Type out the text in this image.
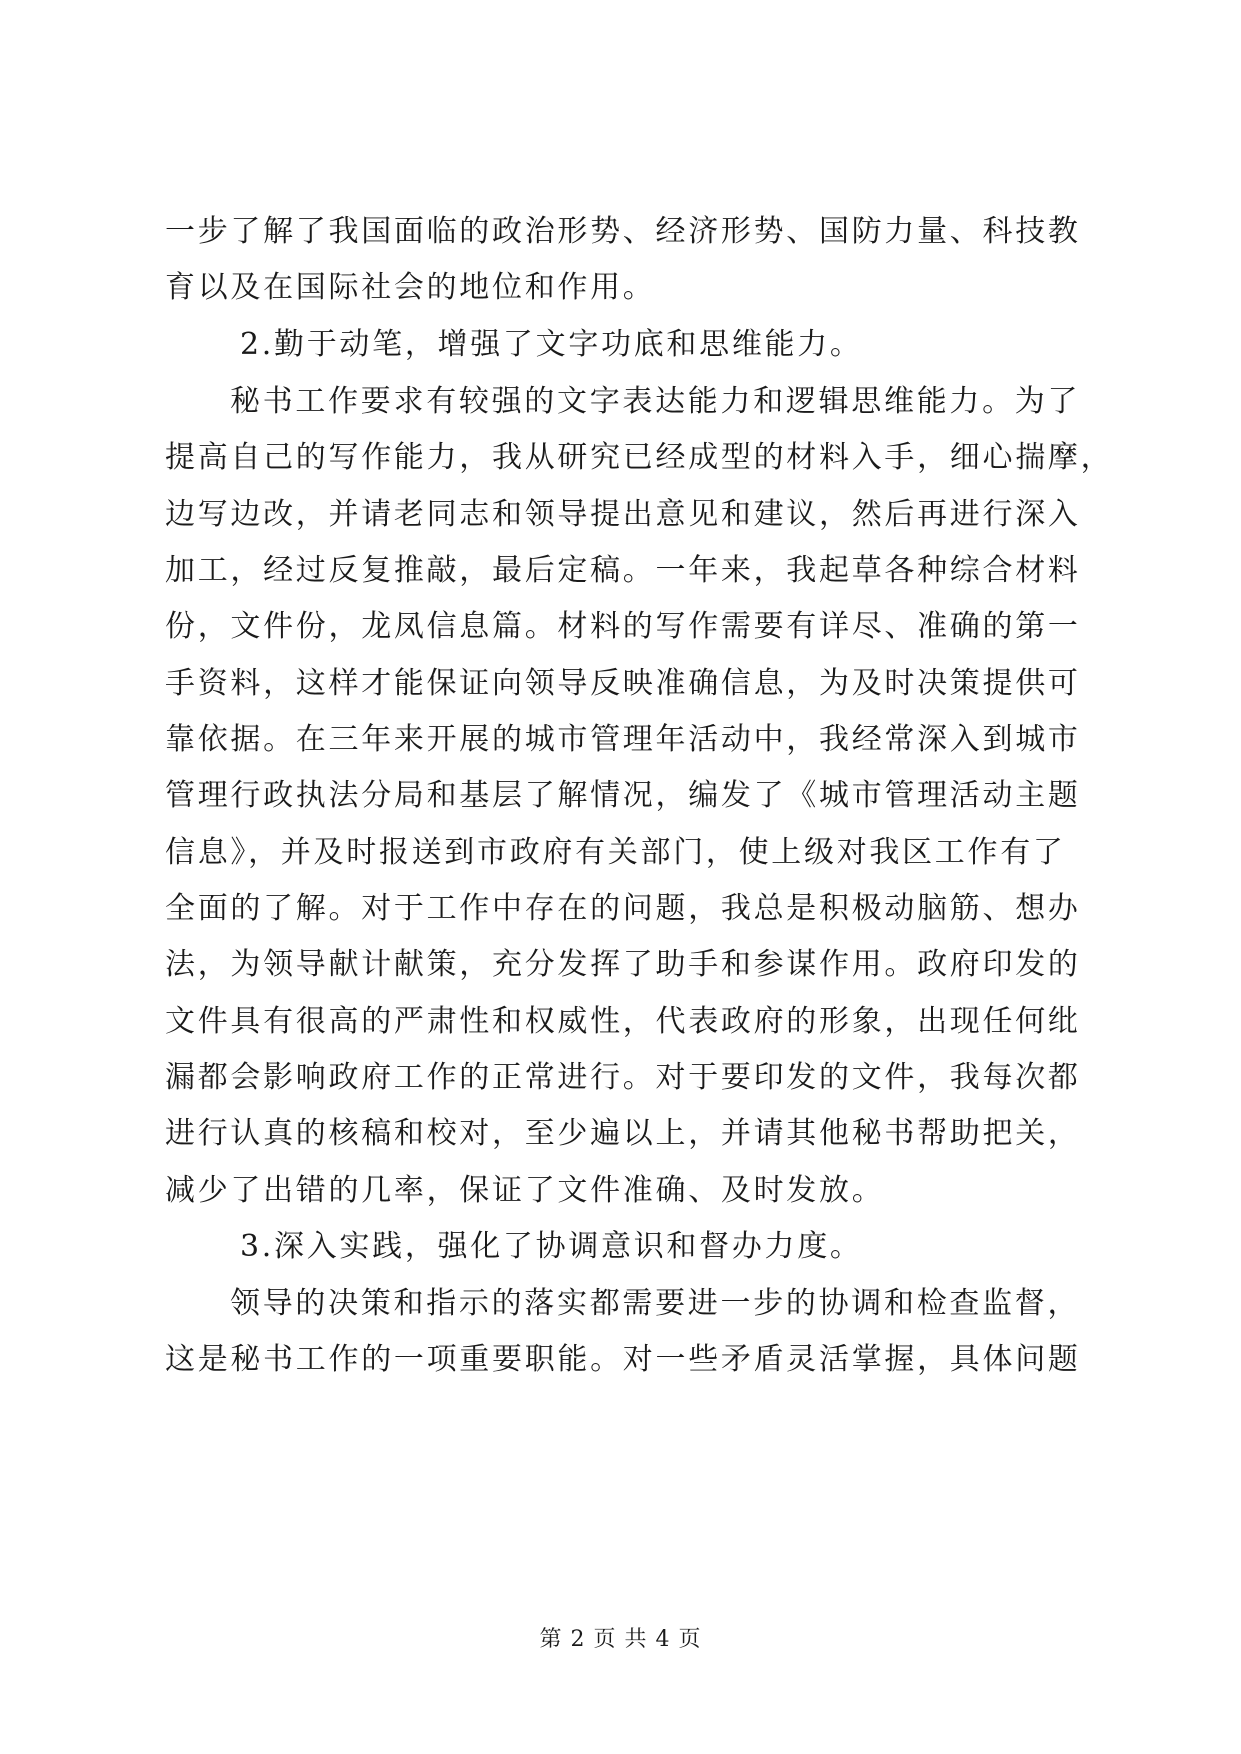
一步了解了我国面临的政治形势、经济形势、国防力量、科技教
育以及在国际社会的地位和作用。
2.勤于动笔，增强了文字功底和思维能力。
秘书工作要求有较强的文字表达能力和逻辑思维能力。为了
提高自己的写作能力，我从研究已经成型的材料入手，细心揣摩，
边写边改，并请老同志和领导提出意见和建议，然后再进行深入
加工，经过反复推敲，最后定稿。一年来，我起草各种综合材料
份，文件份，龙凤信息篇。材料的写作需要有详尽、准确的第一
手资料，这样才能保证向领导反映准确信息，为及时决策提供可
靠依据。在三年来开展的城市管理年活动中，我经常深入到城市
管理行政执法分局和基层了解情况，编发了《城市管理活动主题
信息》，并及时报送到市政府有关部门，使上级对我区工作有了
全面的了解。对于工作中存在的问题，我总是积极动脑筋、想办
法，为领导献计献策，充分发挥了助手和参谋作用。政府印发的
文件具有很高的严肃性和权威性，代表政府的形象，出现任何纰
漏都会影响政府工作的正常进行。对于要印发的文件，我每次都
进行认真的核稿和校对，至少遍以上，并请其他秘书帮助把关，
减少了出错的几率，保证了文件准确、及时发放。
3.深入实践，强化了协调意识和督办力度。
领导的决策和指示的落实都需要进一步的协调和检查监督，
这是秘书工作的一项重要职能。对一些矛盾灵活掌握，具体问题
第 2 页 共 4 页
